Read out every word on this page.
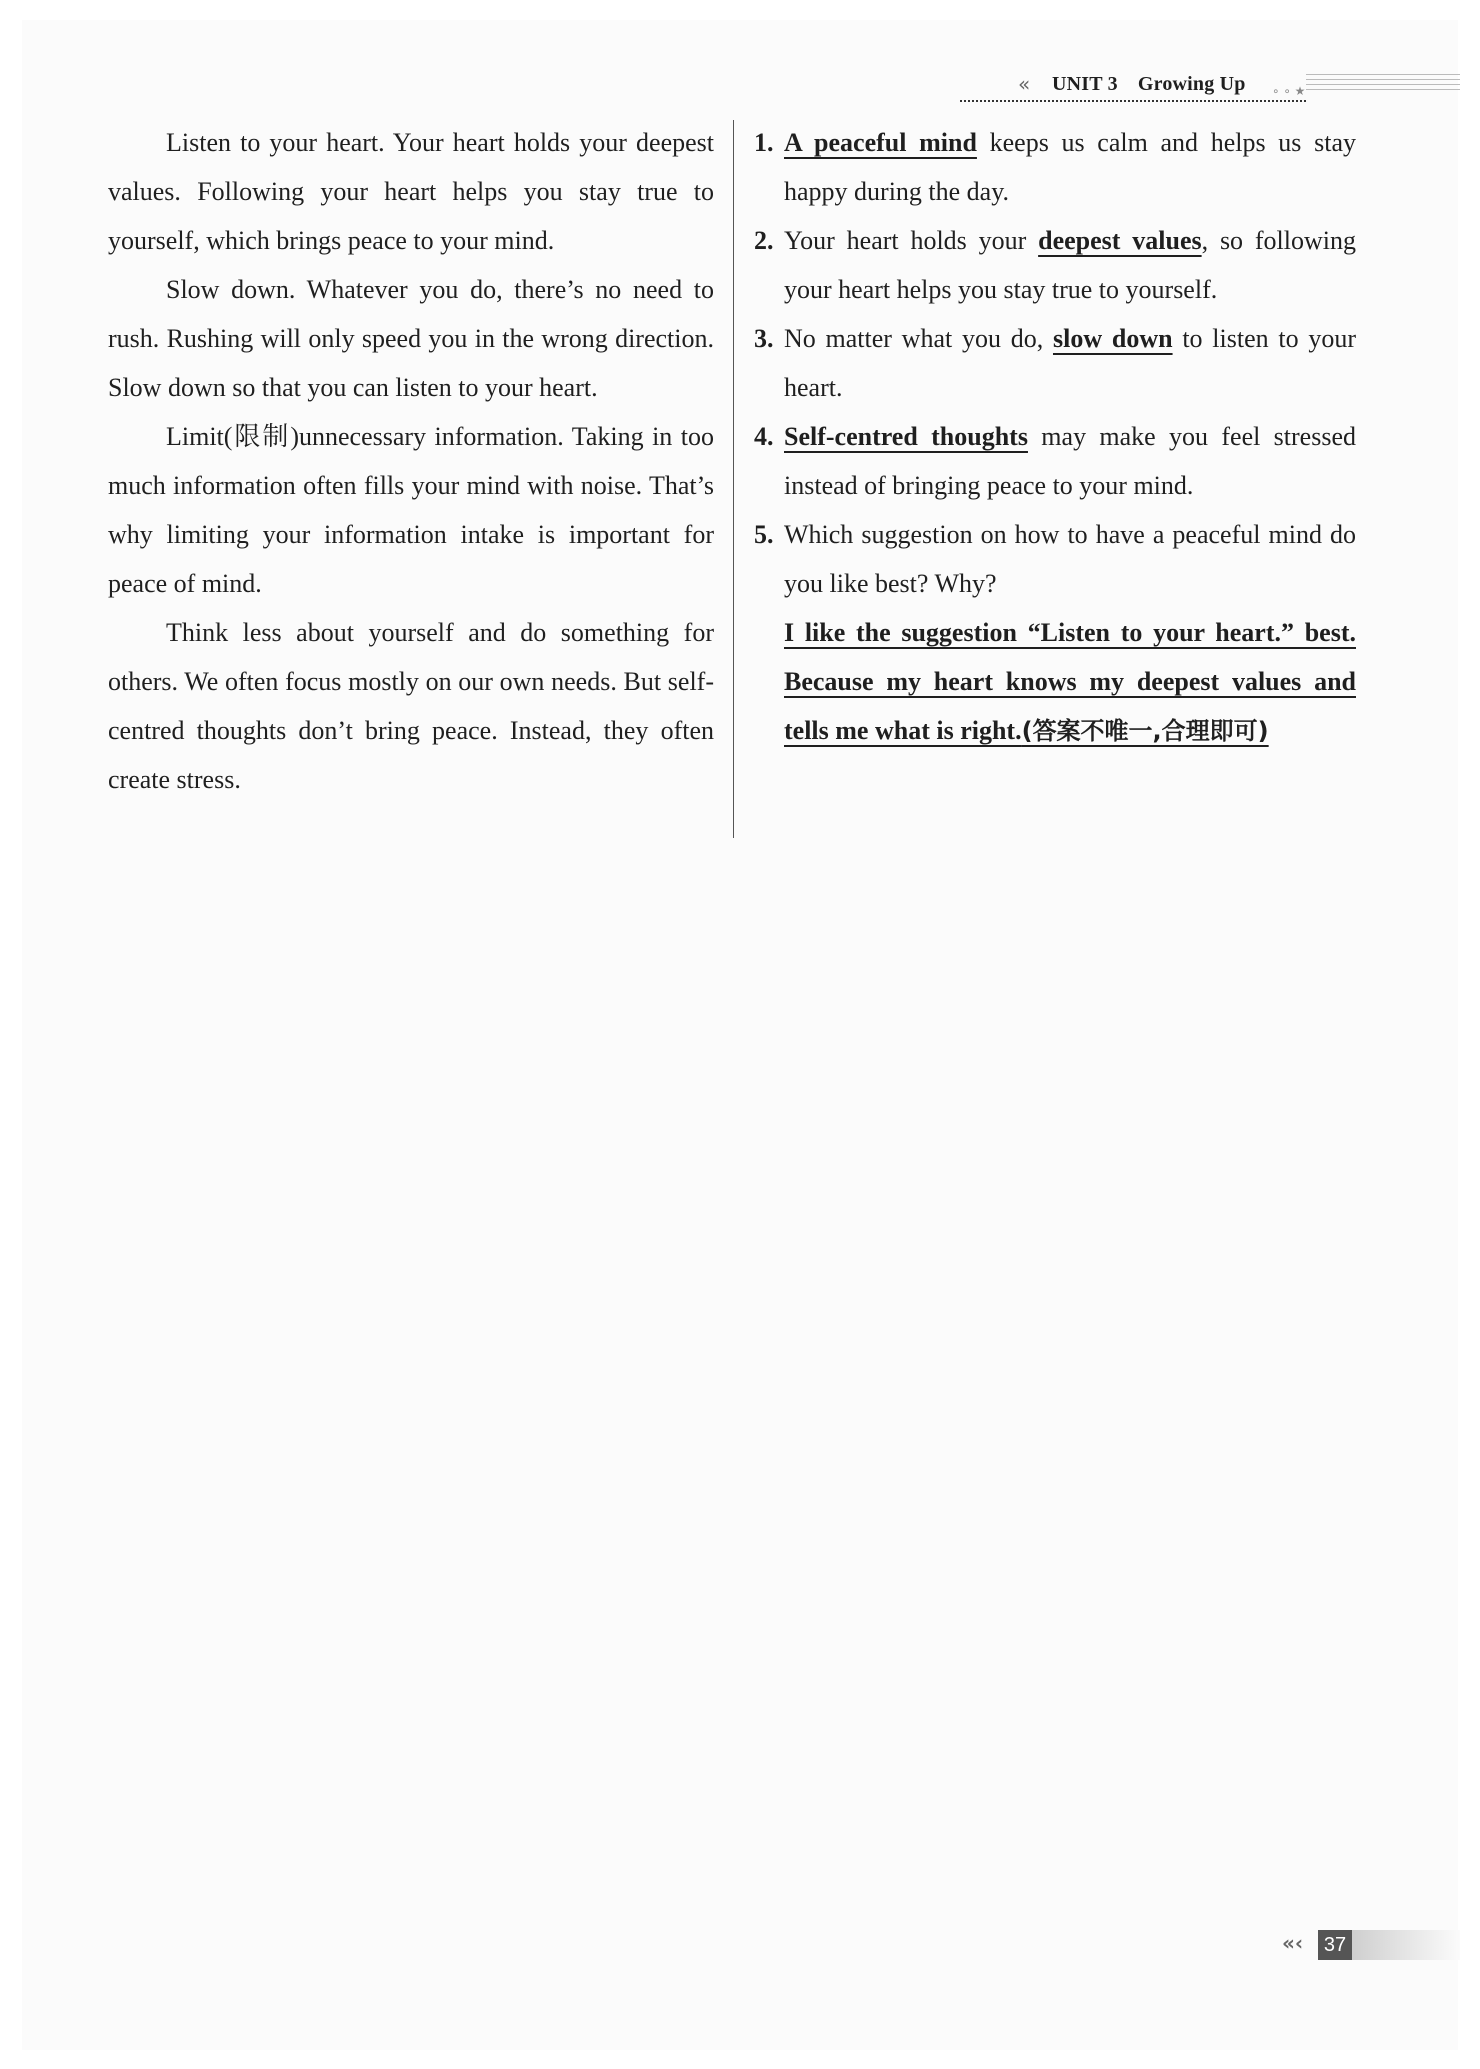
« UNIT 3 Growing Up ∘ ∘ ★

Listen to your heart. Your heart holds your deepest values. Following your heart helps you stay true to yourself, which brings peace to your mind.

Slow down. Whatever you do, there’s no need to rush. Rushing will only speed you in the wrong direction. Slow down so that you can listen to your heart.

Limit(限制)unnecessary information. Taking in too much information often fills your mind with noise. That’s why limiting your information intake is important for peace of mind.

Think less about yourself and do something for others. We often focus mostly on our own needs. But self-centred thoughts don’t bring peace. Instead, they often create stress.

1. A peaceful mind keeps us calm and helps us stay happy during the day.
2. Your heart holds your deepest values, so following your heart helps you stay true to yourself.
3. No matter what you do, slow down to listen to your heart.
4. Self-centred thoughts may make you feel stressed instead of bringing peace to your mind.
5. Which suggestion on how to have a peaceful mind do you like best? Why?
I like the suggestion “Listen to your heart.” best. Because my heart knows my deepest values and tells me what is right.(答案不唯一,合理即可)
«‹ 37
